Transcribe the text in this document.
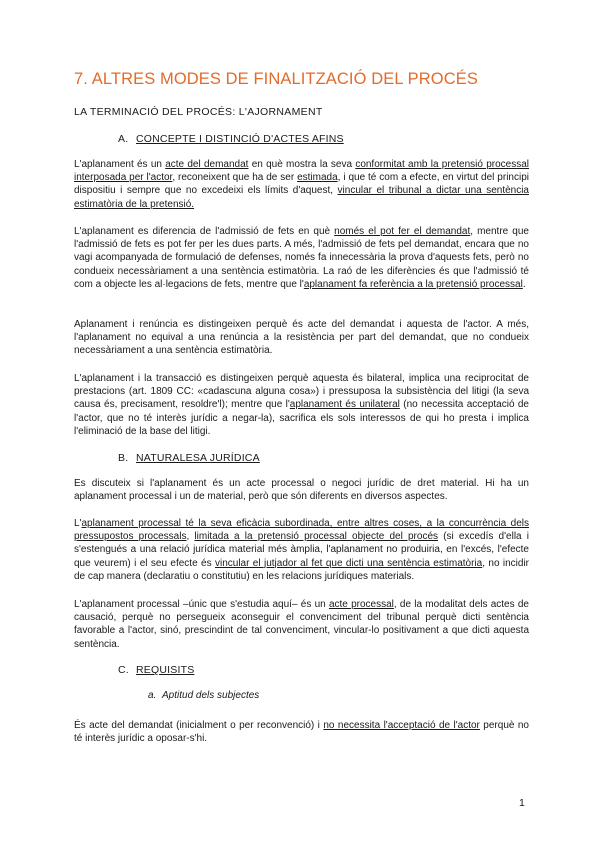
7. ALTRES MODES DE FINALITZACIÓ DEL PROCÉS
LA TERMINACIÓ DEL PROCÉS: L'AJORNAMENT
A. CONCEPTE I DISTINCIÓ D'ACTES AFINS
L'aplanament és un acte del demandat en què mostra la seva conformitat amb la pretensió processal interposada per l'actor, reconeixent que ha de ser estimada, i que té com a efecte, en virtut del principi dispositiu i sempre que no excedeixi els límits d'aquest, vincular el tribunal a dictar una sentència estimatòria de la pretensió.
L'aplanament es diferencia de l'admissió de fets en què només el pot fer el demandat, mentre que l'admissió de fets es pot fer per les dues parts. A més, l'admissió de fets pel demandat, encara que no vagi acompanyada de formulació de defenses, només fa innecessària la prova d'aquests fets, però no condueix necessàriament a una sentència estimatòria. La raó de les diferències és que l'admissió té com a objecte les al·legacions de fets, mentre que l'aplanament fa referència a la pretensió processal.
Aplanament i renúncia es distingeixen perquè és acte del demandat i aquesta de l'actor. A més, l'aplanament no equival a una renúncia a la resistència per part del demandat, que no condueix necessàriament a una sentència estimatòria.
L'aplanament i la transacció es distingeixen perquè aquesta és bilateral, implica una reciprocitat de prestacions (art. 1809 CC: «cadascuna alguna cosa») i pressuposa la subsistència del litigi (la seva causa és, precisament, resoldre'l); mentre que l'aplanament és unilateral (no necessita acceptació de l'actor, que no té interès jurídic a negar-la), sacrifica els sols interessos de qui ho presta i implica l'eliminació de la base del litigi.
B. NATURALESA JURÍDICA
Es discuteix si l'aplanament és un acte processal o negoci jurídic de dret material. Hi ha un aplanament processal i un de material, però que són diferents en diversos aspectes.
L'aplanament processal té la seva eficàcia subordinada, entre altres coses, a la concurrència dels pressupostos processals, limitada a la pretensió processal objecte del procés (si excedís d'ella i s'estengués a una relació jurídica material més àmplia, l'aplanament no produiria, en l'excés, l'efecte que veurem) i el seu efecte és vincular el jutjador al fet que dicti una sentència estimatòria, no incidir de cap manera (declaratiu o constitutiu) en les relacions jurídiques materials.
L'aplanament processal –únic que s'estudia aquí– és un acte processal, de la modalitat dels actes de causació, perquè no persegueix aconseguir el convenciment del tribunal perquè dicti sentència favorable a l'actor, sinó, prescindint de tal convenciment, vincular-lo positivament a que dicti aquesta sentència.
C. REQUISITS
a. Aptitud dels subjectes
És acte del demandat (inicialment o per reconvenció) i no necessita l'acceptació de l'actor perquè no té interès jurídic a oposar-s'hi.
1
